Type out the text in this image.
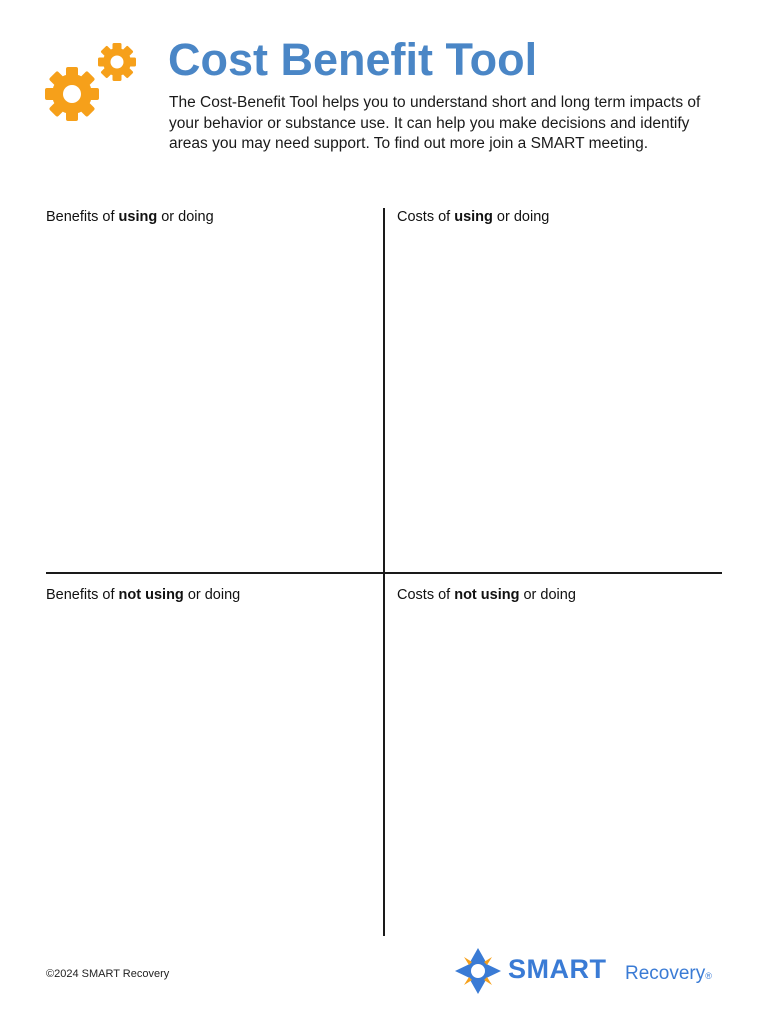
Cost Benefit Tool

The Cost-Benefit Tool helps you to understand short and long term impacts of your behavior or substance use. It can help you make decisions and identify areas you may need support. To find out more join a SMART meeting.

Benefits of using or doing	Costs of using or doing
Benefits of not using or doing	Costs of not using or doing
©2024 SMART Recovery	SMART Recovery®
